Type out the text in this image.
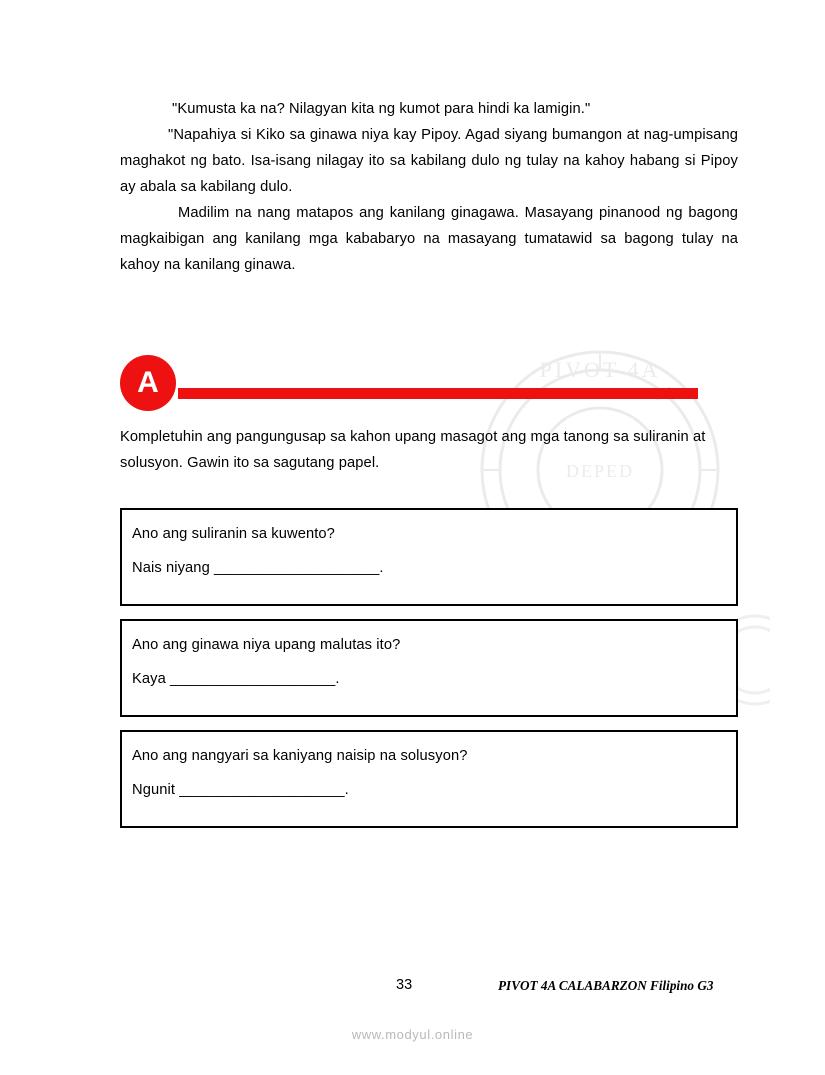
PIVOT 4A
DEPED

"Kumusta ka na? Nilagyan kita ng kumot para hindi ka lamigin."

"Napahiya si Kiko sa ginawa niya kay Pipoy. Agad siyang bumangon at nag-umpisang maghakot ng bato. Isa-isang nilagay ito sa kabilang dulo ng tulay na kahoy habang si Pipoy ay abala sa kabilang dulo.

Madilim na nang matapos ang kanilang ginagawa. Masayang pinanood ng bagong magkaibigan ang kanilang mga kababaryo na masayang tumatawid sa bagong tulay na kahoy na kanilang ginawa.

A
Kompletuhin ang pangungusap sa kahon upang masagot ang mga tanong sa suliranin at solusyon. Gawin ito sa sagutang papel.

Ano ang suliranin sa kuwento?

Nais niyang ____________________.

Ano ang ginawa niya upang malutas ito?

Kaya ____________________.

Ano ang nangyari sa kaniyang naisip na solusyon?

Ngunit ____________________.

33	PIVOT 4A CALABARZON Filipino G3
www.modyul.online
